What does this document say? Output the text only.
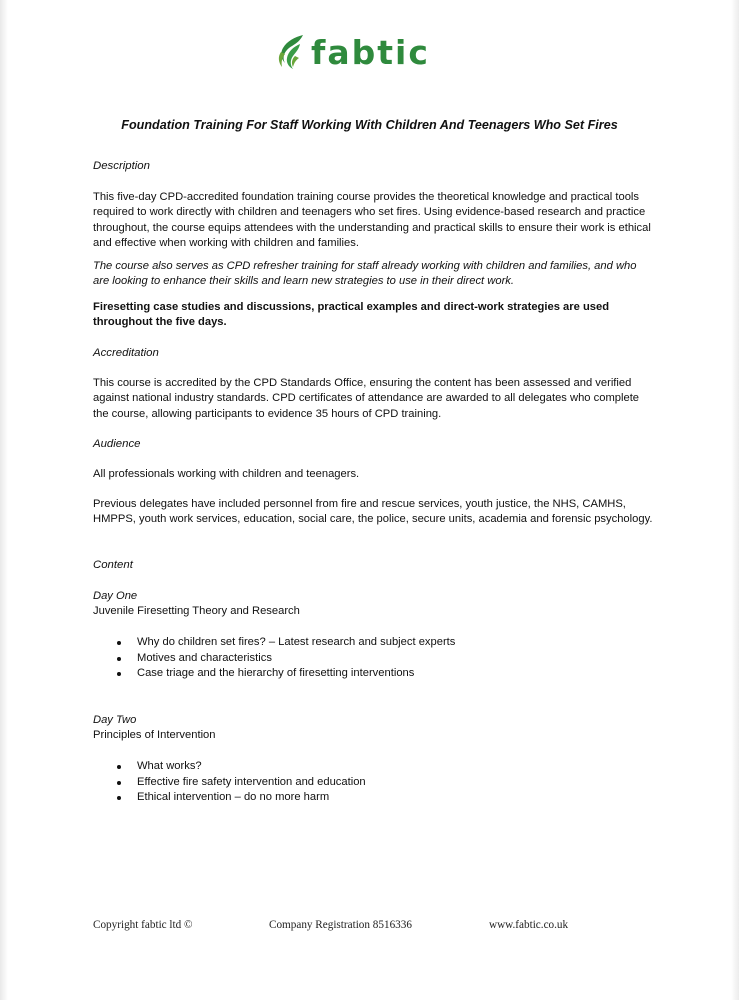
fabtic
Foundation Training For Staff Working With Children And Teenagers Who Set Fires
Description
This five-day CPD-accredited foundation training course provides the theoretical knowledge and practical tools required to work directly with children and teenagers who set fires. Using evidence-based research and practice throughout, the course equips attendees with the understanding and practical skills to ensure their work is ethical and effective when working with children and families.
The course also serves as CPD refresher training for staff already working with children and families, and who are looking to enhance their skills and learn new strategies to use in their direct work.
Firesetting case studies and discussions, practical examples and direct-work strategies are used throughout the five days.
Accreditation
This course is accredited by the CPD Standards Office, ensuring the content has been assessed and verified against national industry standards. CPD certificates of attendance are awarded to all delegates who complete the course, allowing participants to evidence 35 hours of CPD training.
Audience
All professionals working with children and teenagers.
Previous delegates have included personnel from fire and rescue services, youth justice, the NHS, CAMHS, HMPPS, youth work services, education, social care, the police, secure units, academia and forensic psychology.
Content
Day One
Juvenile Firesetting Theory and Research
Why do children set fires? – Latest research and subject experts
Motives and characteristics
Case triage and the hierarchy of firesetting interventions
Day Two
Principles of Intervention
What works?
Effective fire safety intervention and education
Ethical intervention – do no more harm
Copyright fabtic ltd ©	Company Registration 8516336	www.fabtic.co.uk
